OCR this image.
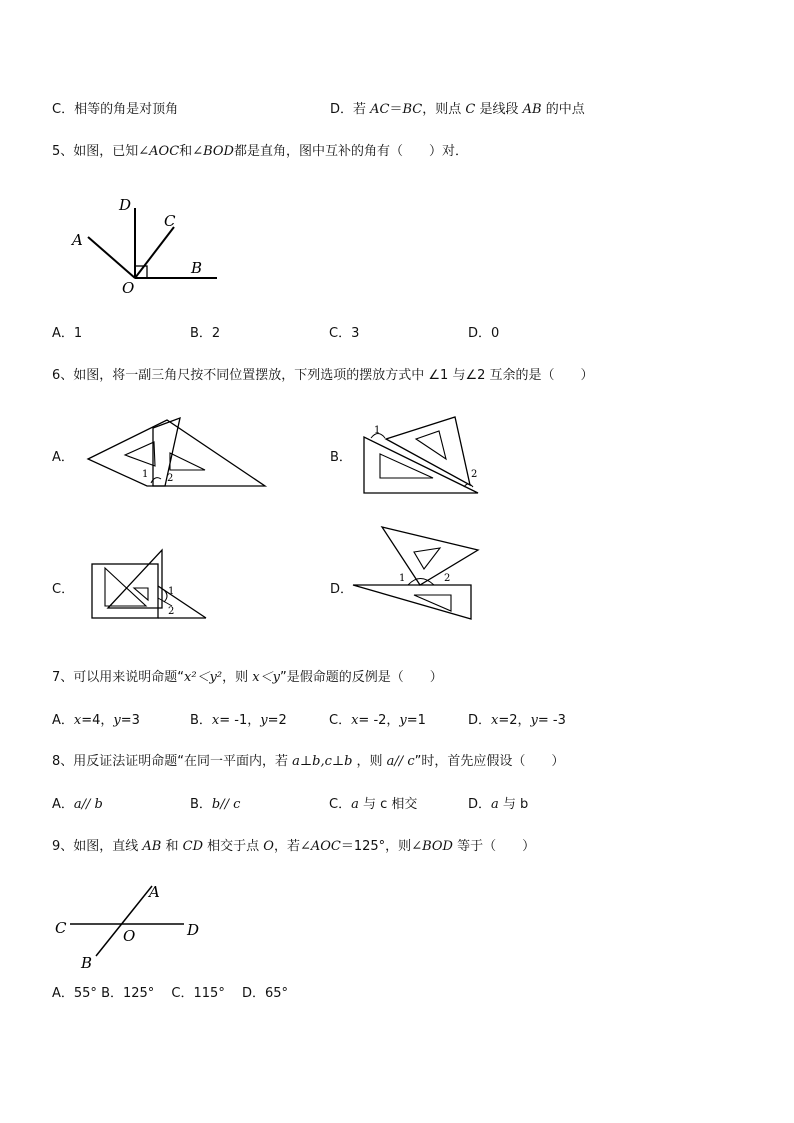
C．相等的角是对顶角	D．若 AC＝BC，则点 C 是线段 AB 的中点
5、如图，已知∠AOC和∠BOD都是直角，图中互补的角有（　　）对．
D
C
A
B
O
A．1	B．2	C．3	D．0
6、如图，将一副三角尺按不同位置摆放，下列选项的摆放方式中 ∠1 与∠2 互余的是（　　）
A．
1 2
B．
1
2
C．	1
2
D．
1	2
7、可以用来说明命题“x²＜y²，则 x＜y”是假命题的反例是（　　）
A．x=4，y=3	B．x= -1，y=2	C．x= -2，y=1	D．x=2，y= -3
8、用反证法证明命题“在同一平面内，若 a⊥b,c⊥b ，则 a// c”时，首先应假设（　　）
A．a// b	B．b// c	C．a 与 c 相交	D．a 与 b
9、如图，直线 AB 和 CD 相交于点 O，若∠AOC＝125°，则∠BOD 等于（　　）
C	D
A
B
O
A．55° B．125°　 C．115°　 D．65°
